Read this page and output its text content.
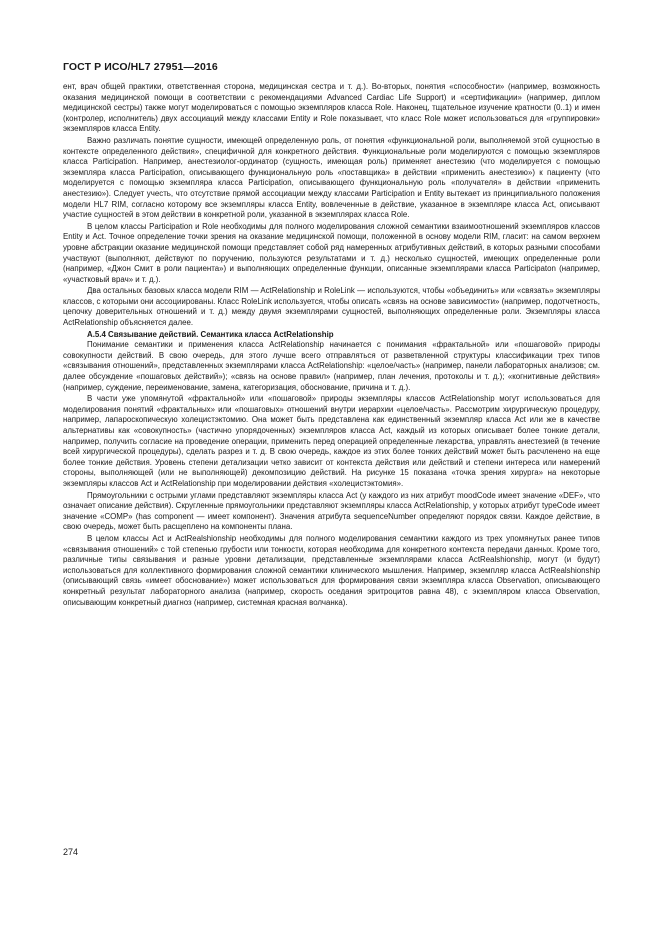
ГОСТ Р ИСО/HL7 27951—2016

ент, врач общей практики, ответственная сторона, медицинская сестра и т. д.). Во-вторых, понятия «способности» (например, возможность оказания медицинской помощи в соответствии с рекомендациями Advanced Cardiac Life Support) и «сертификации» (например, диплом медицинской сестры) также могут моделироваться с помощью экземпляров класса Role. Наконец, тщательное изучение кратности (0..1) и имен (контролер, исполнитель) двух ассоциаций между классами Entity и Role показывает, что класс Role может использоваться для «группировки» экземпляров класса Entity.

Важно различать понятие сущности, имеющей определенную роль, от понятия «функциональной роли, выполняемой этой сущностью в контексте определенного действия», специфичной для конкретного действия. Функциональные роли моделируются с помощью экземпляров класса Participation. Например, анестезиолог-ординатор (сущность, имеющая роль) применяет анестезию (что моделируется с помощью экземпляра класса Participation, описывающего функциональную роль «поставщика» в действии «применить анестезию») к пациенту (что моделируется с помощью экземпляра класса Participation, описывающего функциональную роль «получателя» в действии «применить анестезию»). Следует учесть, что отсутствие прямой ассоциации между классами Participation и Entity вытекает из принципиального положения модели HL7 RIM, согласно которому все экземпляры класса Entity, вовлеченные в действие, указанное в экземпляре класса Act, описывают участие сущностей в этом действии в конкретной роли, указанной в экземплярах класса Role.

В целом классы Participation и Role необходимы для полного моделирования сложной семантики взаимоотношений экземпляров классов Entity и Act. Точное определение точки зрения на оказание медицинской помощи, положенной в основу модели RIM, гласит: на самом верхнем уровне абстракции оказание медицинской помощи представляет собой ряд намеренных атрибутивных действий, в которых разными способами участвуют (выполняют, действуют по поручению, пользуются результатами и т. д.) несколько сущностей, имеющих определенные роли (например, «Джон Смит в роли пациента») и выполняющих определенные функции, описанные экземплярами класса Participaton (например, «участковый врач» и т. д.).

Два остальных базовых класса модели RIM — ActRelationship и RoleLink — используются, чтобы «объединить» или «связать» экземпляры классов, с которыми они ассоциированы. Класс RoleLink используется, чтобы описать «связь на основе зависимости» (например, подотчетность, цепочку доверительных отношений и т. д.) между двумя экземплярами сущностей, выполняющих определенные роли. Экземпляры класса ActRelationship объясняется далее.

А.5.4 Связывание действий. Семантика класса ActRelationship

Понимание семантики и применения класса ActRelationship начинается с понимания «фрактальной» или «пошаговой» природы совокупности действий. В свою очередь, для этого лучше всего отправляться от разветвленной структуры классификации трех типов «связывания отношений», представленных экземплярами класса ActRelationship: «целое/часть» (например, панели лабораторных анализов; см. далее обсуждение «пошаговых действий»); «связь на основе правил» (например, план лечения, протоколы и т. д.); «когнитивные действия» (например, суждение, переименование, замена, категоризация, обоснование, причина и т. д.).

В части уже упомянутой «фрактальной» или «пошаговой» природы экземпляры классов ActRelationship могут использоваться для моделирования понятий «фрактальных» или «пошаговых» отношений внутри иерархии «целое/часть». Рассмотрим хирургическую процедуру, например, лапароскопическую холецистэктомию. Она может быть представлена как единственный экземпляр класса Act или же в качестве альтернативы как «совокупность» (частично упорядоченных) экземпляров класса Act, каждый из которых описывает более тонкие детали, например, получить согласие на проведение операции, применить перед операцией определенные лекарства, управлять анестезией (в течение всей хирургической процедуры), сделать разрез и т. д. В свою очередь, каждое из этих более тонких действий может быть расчленено на еще более тонкие действия. Уровень степени детализации четко зависит от контекста действия или действий и степени интереса или намерений стороны, выполняющей (или не выполняющей) декомпозицию действий. На рисунке 15 показана «точка зрения хирурга» на некоторые экземпляры классов Act и ActRelationship при моделировании действия «холецистэктомия».

Прямоугольники с острыми углами представляют экземпляры класса Act (у каждого из них атрибут moodCode имеет значение «DEF», что означает описание действия). Скругленные прямоугольники представляют экземпляры класса ActRelationship, у которых атрибут typeCode имеет значение «COMP» (has component — имеет компонент). Значения атрибута sequenceNumber определяют порядок связи. Каждое действие, в свою очередь, может быть расщеплено на компоненты плана.

В целом классы Act и ActRealshionship необходимы для полного моделирования семантики каждого из трех упомянутых ранее типов «связывания отношений» с той степенью грубости или тонкости, которая необходима для конкретного контекста передачи данных. Кроме того, различные типы связывания и разные уровни детализации, представленные экземплярами класса ActRealshionship, могут (и будут) использоваться для коллективного формирования сложной семантики клинического мышления. Например, экземпляр класса ActRealshionship (описывающий связь «имеет обоснование») может использоваться для формирования связи экземпляра класса Observation, описывающего конкретный результат лабораторного анализа (например, скорость оседания эритроцитов равна 48), с экземпляром класса Observation, описывающим конкретный диагноз (например, системная красная волчанка).

274
